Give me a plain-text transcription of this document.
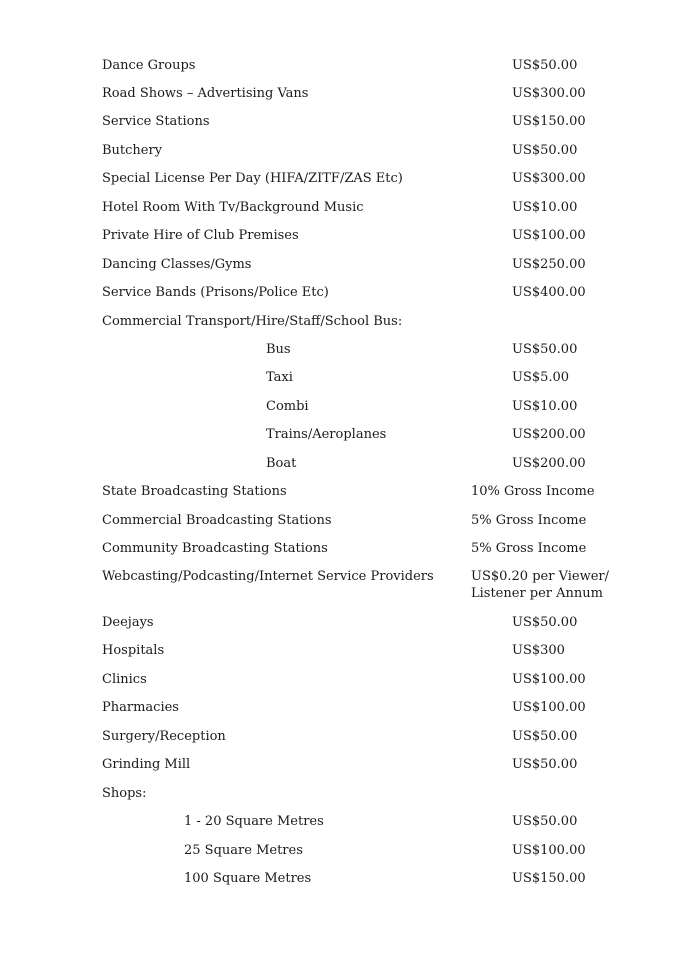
Dance Groups	US$50.00
Road Shows – Advertising Vans	US$300.00
Service Stations	US$150.00
Butchery	US$50.00
Special License Per Day (HIFA/ZITF/ZAS Etc)	US$300.00
Hotel Room With Tv/Background Music	US$10.00
Private Hire of Club Premises	US$100.00
Dancing Classes/Gyms	US$250.00
Service Bands (Prisons/Police Etc)	US$400.00
Commercial Transport/Hire/Staff/School Bus:
Bus	US$50.00
Taxi	US$5.00
Combi	US$10.00
Trains/Aeroplanes	US$200.00
Boat	US$200.00
State Broadcasting Stations	10% Gross Income
Commercial Broadcasting Stations	5% Gross Income
Community Broadcasting Stations	5% Gross Income
Webcasting/Podcasting/Internet Service Providers	US$0.20 per Viewer/
Listener per Annum
Deejays	US$50.00
Hospitals	US$300
Clinics	US$100.00
Pharmacies	US$100.00
Surgery/Reception	US$50.00
Grinding Mill	US$50.00
Shops:
1 - 20 Square Metres	US$50.00
25 Square Metres	US$100.00
100 Square Metres	US$150.00
